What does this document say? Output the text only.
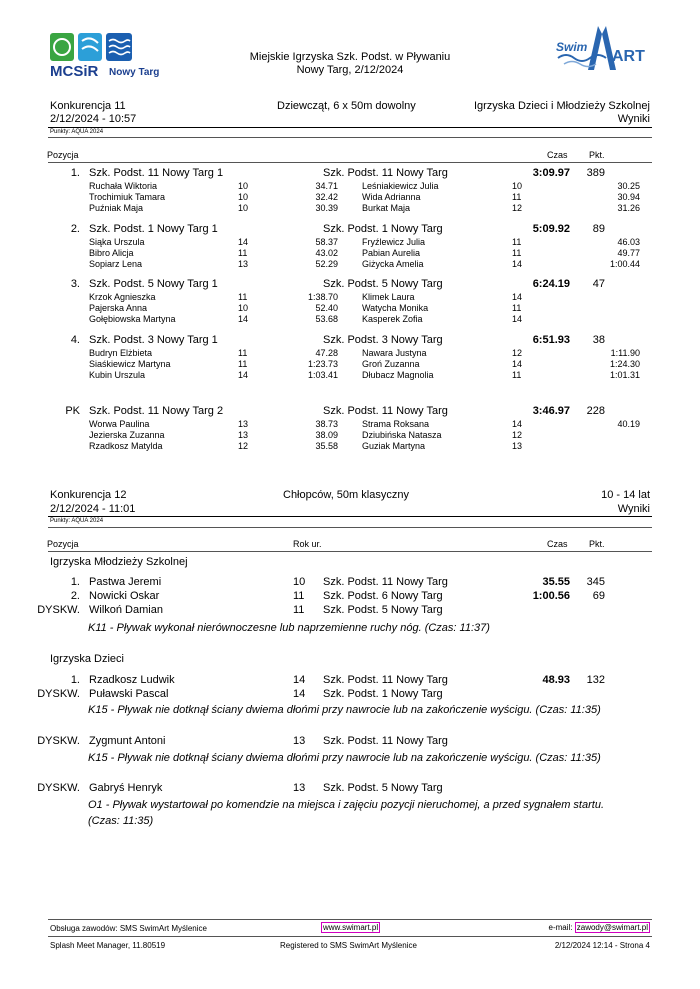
MCSiR Nowy Targ
Miejskie Igrzyska Szk. Podst. w Pływaniu
Nowy Targ, 2/12/2024
Swim
ART
Konkurencja 11	Dziewcząt, 6 x 50m dowolny	Igrzyska Dzieci i Młodzieży Szkolnej
2/12/2024 - 10:57	Wyniki
Punkty: AQUA 2024
Pozycja	Czas Pkt.
1. Szk. Podst. 11 Nowy Targ 1	Szk. Podst. 11 Nowy Targ	3:09.97	389
Ruchała Wiktoria	10	34.71	Leśniakiewicz Julia	10	30.25
Trochimiuk Tamara	10	32.42	Wida Adrianna	11	30.94
Puźniak Maja	10	30.39	Burkat Maja	12	31.26
2. Szk. Podst. 1 Nowy Targ 1	Szk. Podst. 1 Nowy Targ	5:09.92	89
Siąka Urszula	14	58.37	Fryźlewicz Julia	11	46.03
Bibro Alicja	11	43.02	Pabian Aurelia	11	49.77
Sopiarz Lena	13	52.29	Giżycka Amelia	14	1:00.44
3. Szk. Podst. 5 Nowy Targ 1	Szk. Podst. 5 Nowy Targ	6:24.19	47
Krzok Agnieszka	11	1:38.70	Klimek Laura	14
Pajerska Anna	10	52.40	Watycha Monika	11
Gołębiowska Martyna	14	53.68	Kasperek Zofia	14
4. Szk. Podst. 3 Nowy Targ 1	Szk. Podst. 3 Nowy Targ	6:51.93	38
Budryn Elżbieta	11	47.28	Nawara Justyna	12	1:11.90
Siaśkiewicz Martyna	11	1:23.73	Groń Zuzanna	14	1:24.30
Kubin Urszula	14	1:03.41	Dłubacz Magnolia	11	1:01.31
PK Szk. Podst. 11 Nowy Targ 2	Szk. Podst. 11 Nowy Targ	3:46.97	228
Worwa Paulina	13	38.73	Strama Roksana	14	40.19
Jezierska Zuzanna	13	38.09	Dziubińska Natasza	12
Rzadkosz Matylda	12	35.58	Guziak Martyna	13
Konkurencja 12	Chłopców, 50m klasyczny	10 - 14 lat
2/12/2024 - 11:01	Wyniki
Punkty: AQUA 2024
Pozycja	Rok ur.	Czas Pkt.
Igrzyska Młodzieży Szkolnej
1. Pastwa Jeremi	10 Szk. Podst. 11 Nowy Targ	35.55	345
2. Nowicki Oskar	11 Szk. Podst. 6 Nowy Targ	1:00.56	69
DYSKW. Wilkoń Damian	11 Szk. Podst. 5 Nowy Targ
K11 - Pływak wykonał nierównoczesne lub naprzemienne ruchy nóg. (Czas: 11:37)
Igrzyska Dzieci
1. Rzadkosz Ludwik	14 Szk. Podst. 11 Nowy Targ	48.93	132
DYSKW. Puławski Pascal	14 Szk. Podst. 1 Nowy Targ
DYSKW. Zygmunt Antoni	13 Szk. Podst. 11 Nowy Targ
DYSKW. Gabryś Henryk	13 Szk. Podst. 5 Nowy Targ
K15 - Pływak nie dotknął ściany dwiema dłońmi przy nawrocie lub na zakończenie wyścigu. (Czas: 11:35)
K15 - Pływak nie dotknął ściany dwiema dłońmi przy nawrocie lub na zakończenie wyścigu. (Czas: 11:35)
O1 - Pływak wystartował po komendzie na miejsca i zajęciu pozycji nieruchomej, a przed sygnałem startu. (Czas: 11:35)
Obsługa zawodów: SMS SwimArt Myślenice	www.swimart.pl	e-mail: zawody@swimart.pl
Splash Meet Manager, 11.80519	Registered to SMS SwimArt Myślenice	2/12/2024 12:14 - Strona 4
